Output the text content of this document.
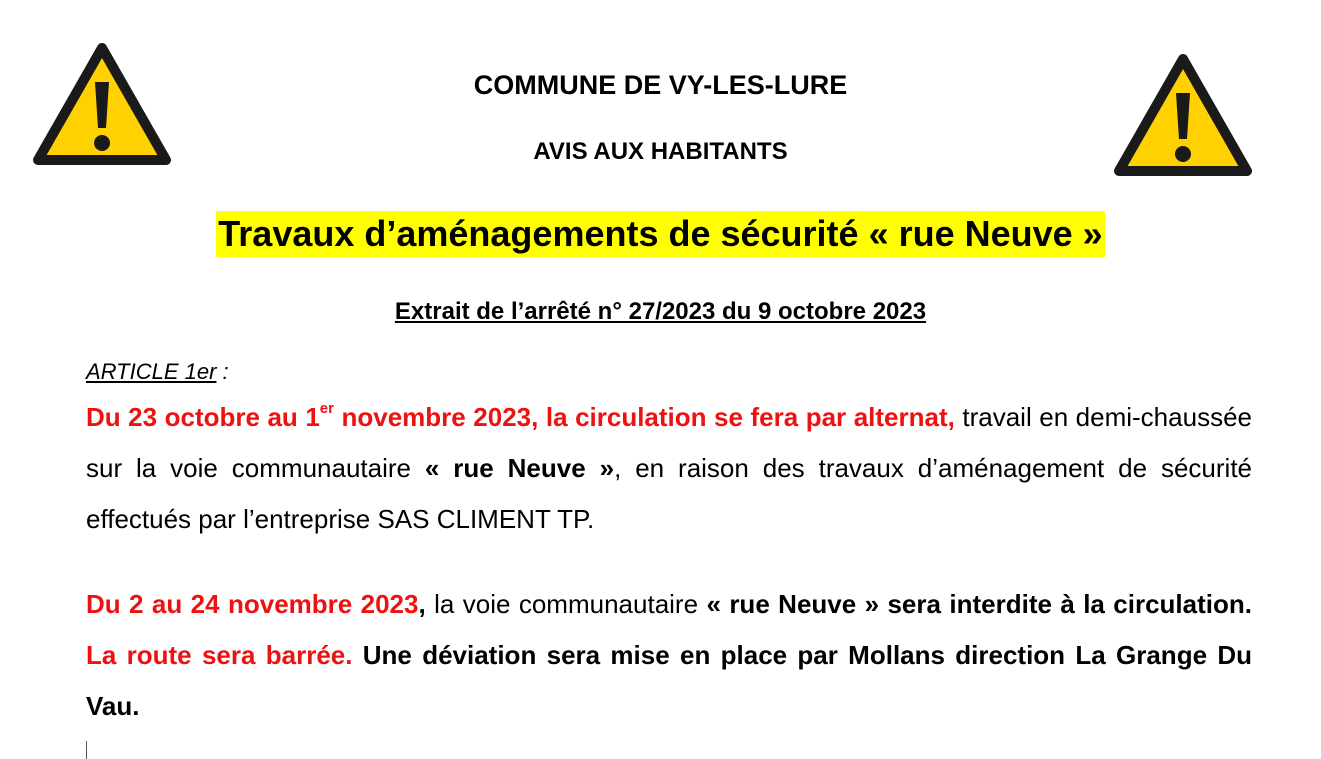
COMMUNE DE VY-LES-LURE
AVIS AUX HABITANTS
Travaux d’aménagements de sécurité « rue Neuve »
Extrait de l’arrêté n° 27/2023 du 9 octobre 2023
ARTICLE 1er :

Du 23 octobre au 1er novembre 2023, la circulation se fera par alternat, travail en demi-chaussée sur la voie communautaire « rue Neuve », en raison des travaux d’aménagement de sécurité effectués par l’entreprise SAS CLIMENT TP.

Du 2 au 24 novembre 2023, la voie communautaire « rue Neuve » sera interdite à la circulation. La route sera barrée. Une déviation sera mise en place par Mollans direction La Grange Du Vau.
